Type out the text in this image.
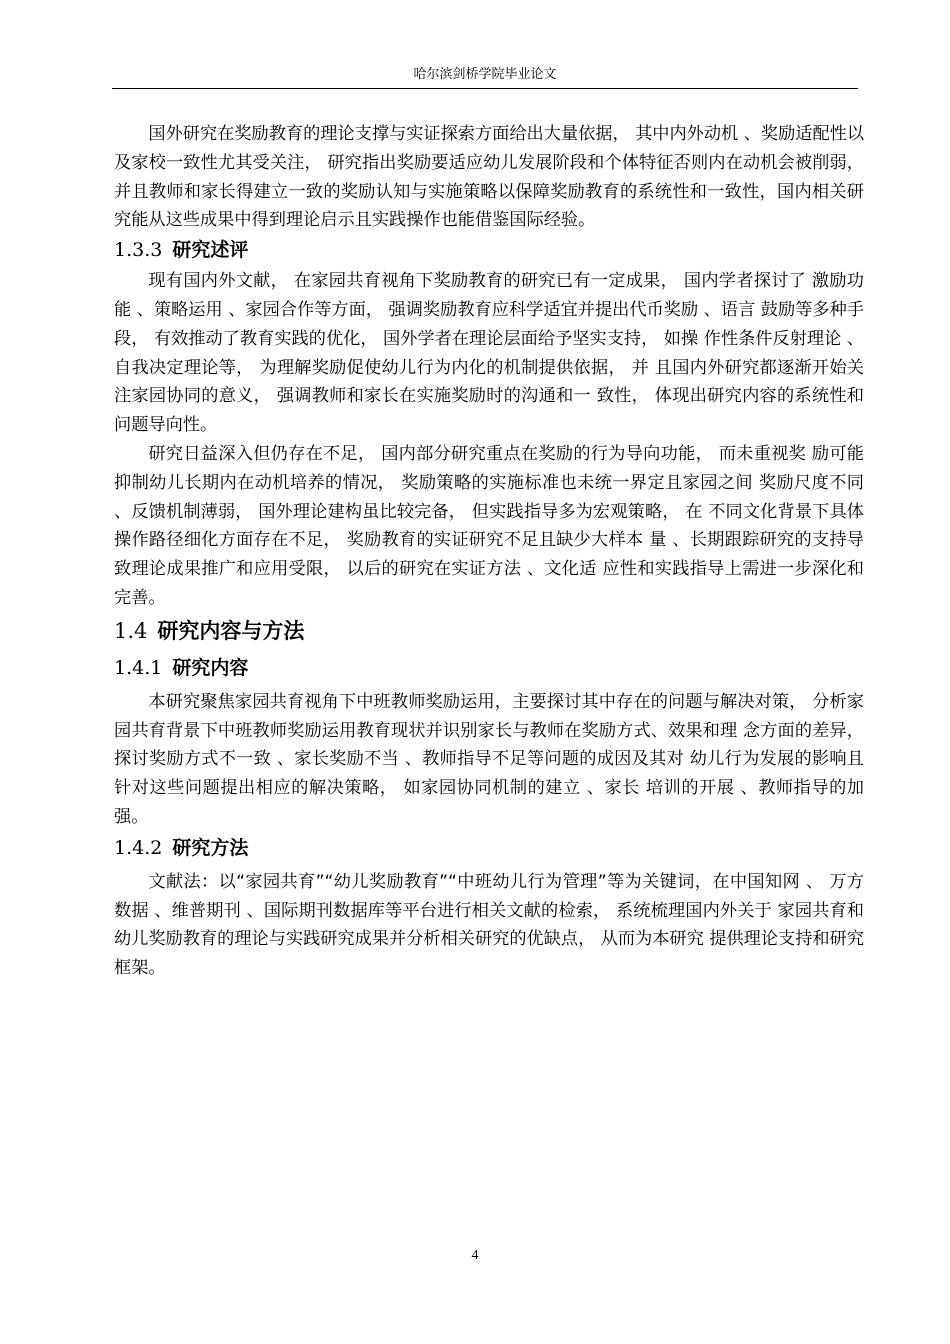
哈尔滨剑桥学院毕业论文

国外研究在奖励教育的理论支撑与实证探索方面给出大量依据， 其中内外动机 、奖励适配性以及家校一致性尤其受关注， 研究指出奖励要适应幼儿发展阶段和个体特征否则内在动机会被削弱， 并且教师和家长得建立一致的奖励认知与实施策略以保障奖励教育的系统性和一致性，国内相关研究能从这些成果中得到理论启示且实践操作也能借鉴国际经验。

1.3.3 研究述评

现有国内外文献， 在家园共育视角下奖励教育的研究已有一定成果， 国内学者探讨了 激励功能 、策略运用 、家园合作等方面， 强调奖励教育应科学适宜并提出代币奖励 、语言 鼓励等多种手段， 有效推动了教育实践的优化， 国外学者在理论层面给予坚实支持， 如操 作性条件反射理论 、自我决定理论等， 为理解奖励促使幼儿行为内化的机制提供依据， 并 且国内外研究都逐渐开始关注家园协同的意义， 强调教师和家长在实施奖励时的沟通和一 致性， 体现出研究内容的系统性和问题导向性。

研究日益深入但仍存在不足， 国内部分研究重点在奖励的行为导向功能， 而未重视奖 励可能抑制幼儿长期内在动机培养的情况， 奖励策略的实施标准也未统一界定且家园之间 奖励尺度不同 、反馈机制薄弱， 国外理论建构虽比较完备， 但实践指导多为宏观策略， 在 不同文化背景下具体操作路径细化方面存在不足， 奖励教育的实证研究不足且缺少大样本 量 、长期跟踪研究的支持导致理论成果推广和应用受限， 以后的研究在实证方法 、文化适 应性和实践指导上需进一步深化和完善。

1.4 研究内容与方法
1.4.1 研究内容

本研究聚焦家园共育视角下中班教师奖励运用，主要探讨其中存在的问题与解决对策， 分析家园共育背景下中班教师奖励运用教育现状并识别家长与教师在奖励方式、效果和理 念方面的差异， 探讨奖励方式不一致 、家长奖励不当 、教师指导不足等问题的成因及其对 幼儿行为发展的影响且针对这些问题提出相应的解决策略， 如家园协同机制的建立 、家长 培训的开展 、教师指导的加强。

1.4.2 研究方法

文献法：以“家园共育”“幼儿奖励教育”“中班幼儿行为管理”等为关键词，在中国知网 、 万方数据 、维普期刊 、国际期刊数据库等平台进行相关文献的检索， 系统梳理国内外关于 家园共育和幼儿奖励教育的理论与实践研究成果并分析相关研究的优缺点， 从而为本研究 提供理论支持和研究框架。

4
